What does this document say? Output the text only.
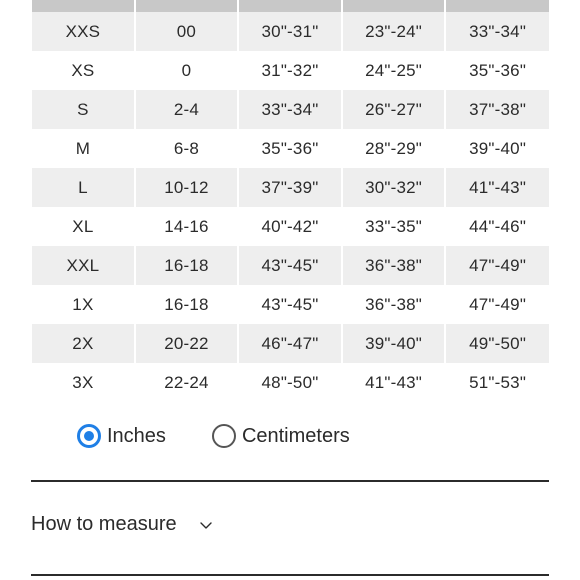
XXS	00	30"-31"	23"-24"	33"-34"
XS	0	31"-32"	24"-25"	35"-36"
S	2-4	33"-34"	26"-27"	37"-38"
M	6-8	35"-36"	28"-29"	39"-40"
L	10-12	37"-39"	30"-32"	41"-43"
XL	14-16	40"-42"	33"-35"	44"-46"
XXL	16-18	43"-45"	36"-38"	47"-49"
1X	16-18	43"-45"	36"-38"	47"-49"
2X	20-22	46"-47"	39"-40"	49"-50"
3X	22-24	48"-50"	41"-43"	51"-53"
Inches	Centimeters
How to measure
